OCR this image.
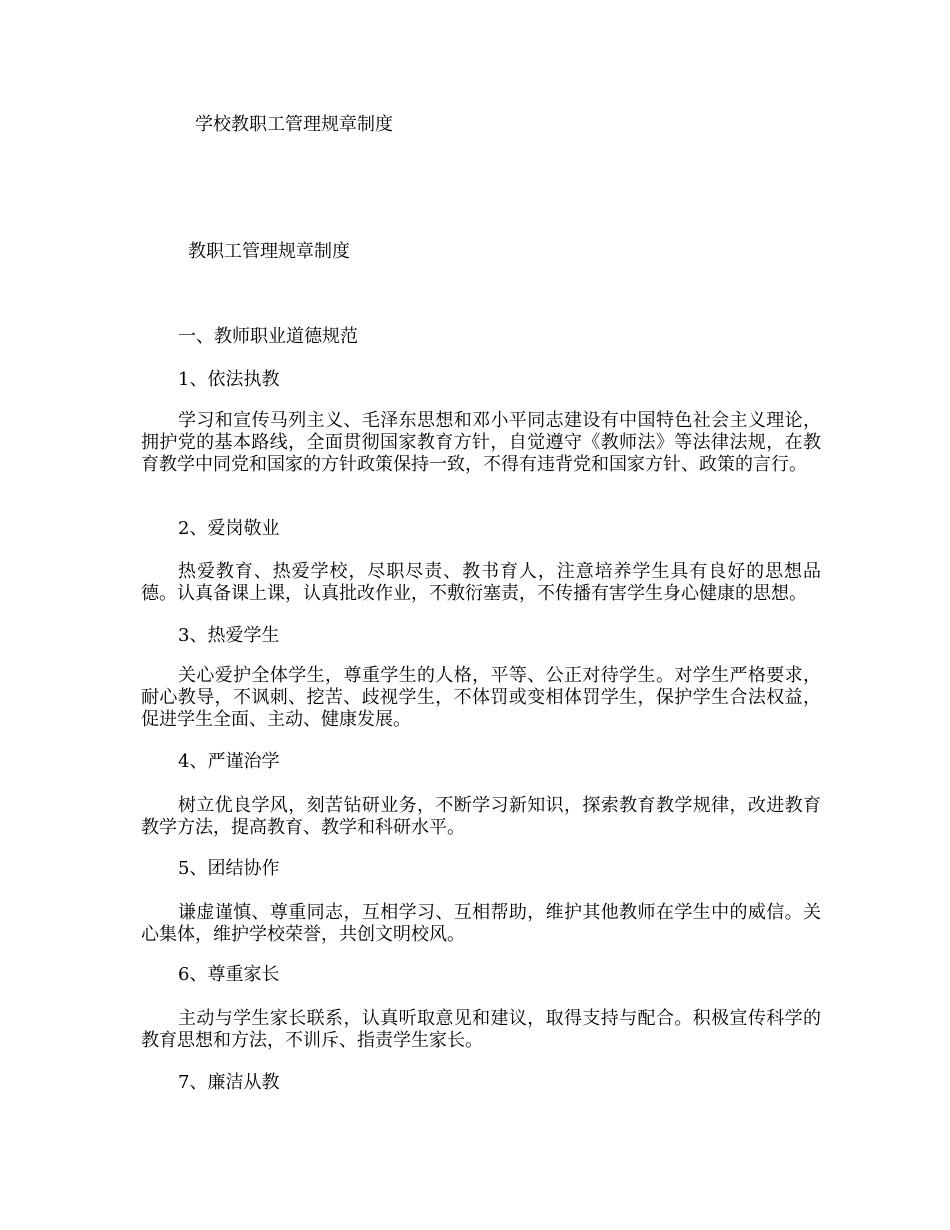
学校教职工管理规章制度
教职工管理规章制度
一、教师职业道德规范
1、依法执教
学习和宣传马列主义、毛泽东思想和邓小平同志建设有中国特色社会主义理论，拥护党的基本路线，全面贯彻国家教育方针，自觉遵守《教师法》等法律法规，在教育教学中同党和国家的方针政策保持一致，不得有违背党和国家方针、政策的言行。
2、爱岗敬业
热爱教育、热爱学校，尽职尽责、教书育人，注意培养学生具有良好的思想品德。认真备课上课，认真批改作业，不敷衍塞责，不传播有害学生身心健康的思想。
3、热爱学生
关心爱护全体学生，尊重学生的人格，平等、公正对待学生。对学生严格要求，耐心教导，不讽刺、挖苦、歧视学生，不体罚或变相体罚学生，保护学生合法权益，促进学生全面、主动、健康发展。
4、严谨治学
树立优良学风，刻苦钻研业务，不断学习新知识，探索教育教学规律，改进教育教学方法，提高教育、教学和科研水平。
5、团结协作
谦虚谨慎、尊重同志，互相学习、互相帮助，维护其他教师在学生中的威信。关心集体，维护学校荣誉，共创文明校风。
6、尊重家长
主动与学生家长联系，认真听取意见和建议，取得支持与配合。积极宣传科学的教育思想和方法，不训斥、指责学生家长。
7、廉洁从教
